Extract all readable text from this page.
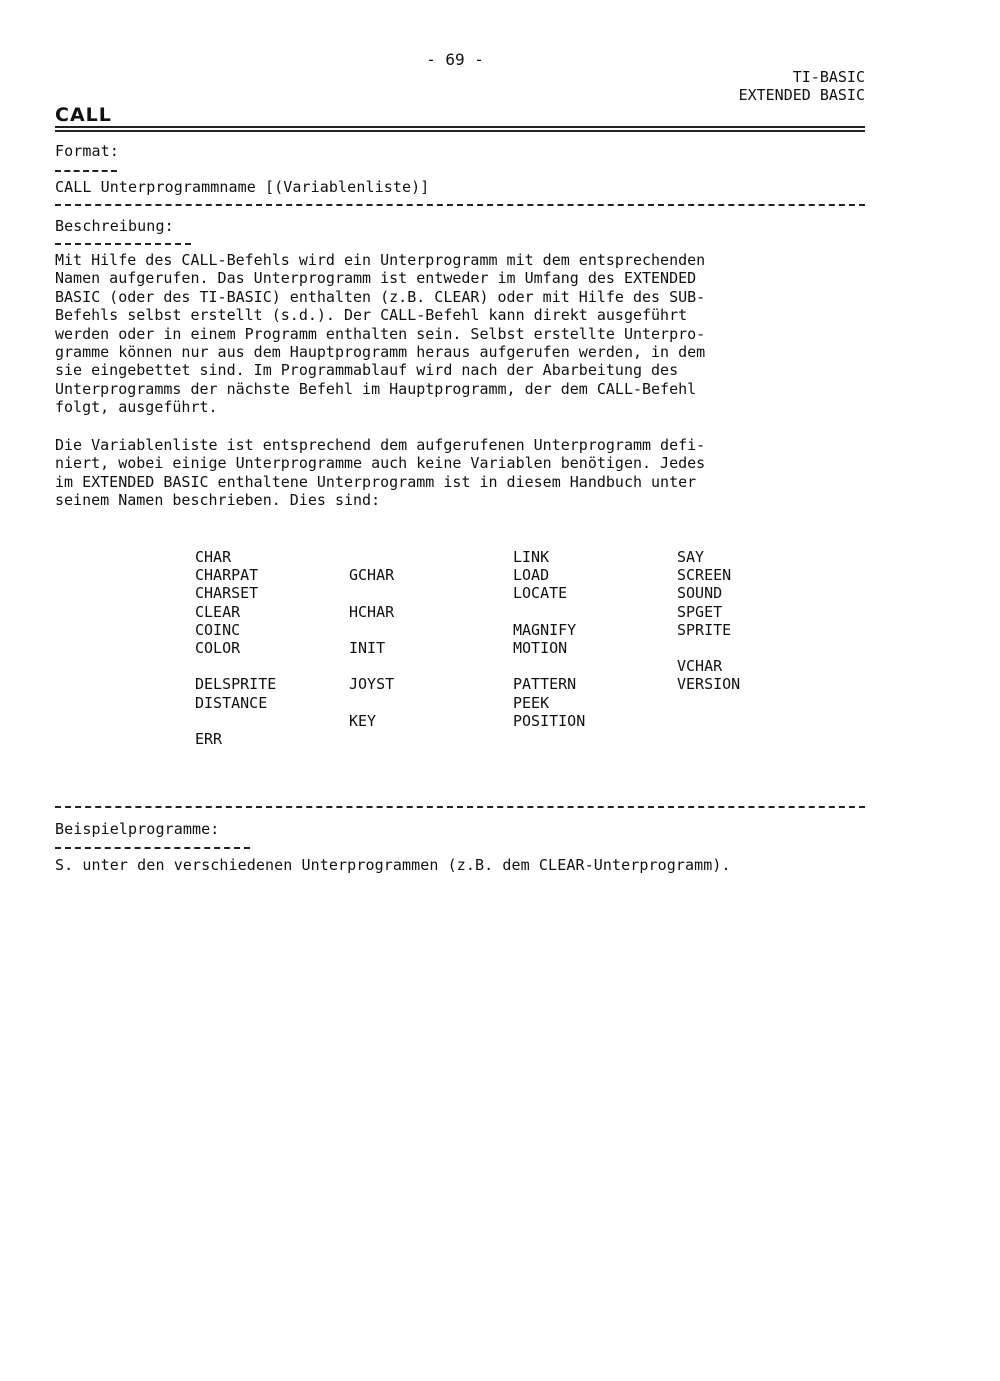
- 69 -
TI-BASIC
EXTENDED BASIC
CALL
Format:
CALL Unterprogrammname [(Variablenliste)]
Beschreibung:
Mit Hilfe des CALL-Befehls wird ein Unterprogramm mit dem entsprechenden
Namen aufgerufen. Das Unterprogramm ist entweder im Umfang des EXTENDED
BASIC (oder des TI-BASIC) enthalten (z.B. CLEAR) oder mit Hilfe des SUB-
Befehls selbst erstellt (s.d.). Der CALL-Befehl kann direkt ausgeführt
werden oder in einem Programm enthalten sein. Selbst erstellte Unterpro-
gramme können nur aus dem Hauptprogramm heraus aufgerufen werden, in dem
sie eingebettet sind. Im Programmablauf wird nach der Abarbeitung des
Unterprogramms der nächste Befehl im Hauptprogramm, der dem CALL-Befehl
folgt, ausgeführt.
Die Variablenliste ist entsprechend dem aufgerufenen Unterprogramm defi-
niert, wobei einige Unterprogramme auch keine Variablen benötigen. Jedes
im EXTENDED BASIC enthaltene Unterprogramm ist in diesem Handbuch unter
seinem Namen beschrieben. Dies sind:
CHAR
CHARPAT
CHARSET
CLEAR
COINC
COLOR
DELSPRITE
DISTANCE
ERR
GCHAR
HCHAR
INIT
JOYST
KEY
LINK
LOAD
LOCATE
MAGNIFY
MOTION
PATTERN
PEEK
POSITION
SAY
SCREEN
SOUND
SPGET
SPRITE
VCHAR
VERSION
Beispielprogramme:
S. unter den verschiedenen Unterprogrammen (z.B. dem CLEAR-Unterprogramm).
